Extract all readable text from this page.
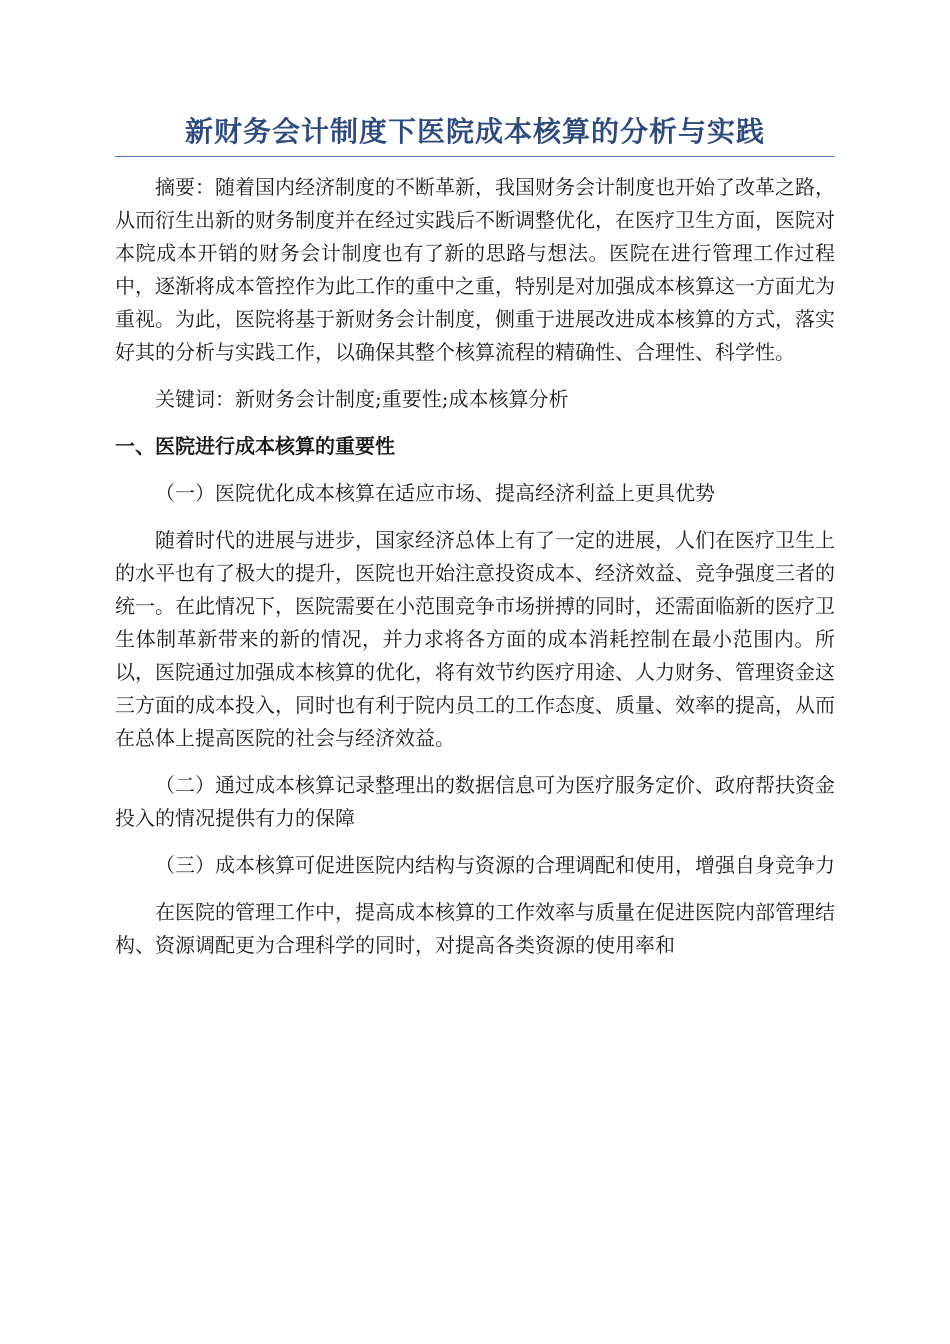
新财务会计制度下医院成本核算的分析与实践

摘要：随着国内经济制度的不断革新，我国财务会计制度也开始了改革之路，从而衍生出新的财务制度并在经过实践后不断调整优化，在医疗卫生方面，医院对本院成本开销的财务会计制度也有了新的思路与想法。医院在进行管理工作过程中，逐渐将成本管控作为此工作的重中之重，特别是对加强成本核算这一方面尤为重视。为此，医院将基于新财务会计制度，侧重于进展改进成本核算的方式，落实好其的分析与实践工作，以确保其整个核算流程的精确性、合理性、科学性。

关键词：新财务会计制度;重要性;成本核算分析

一、医院进行成本核算的重要性

（一）医院优化成本核算在适应市场、提高经济利益上更具优势

随着时代的进展与进步，国家经济总体上有了一定的进展，人们在医疗卫生上的水平也有了极大的提升，医院也开始注意投资成本、经济效益、竞争强度三者的统一。在此情况下，医院需要在小范围竞争市场拼搏的同时，还需面临新的医疗卫生体制革新带来的新的情况，并力求将各方面的成本消耗控制在最小范围内。所以，医院通过加强成本核算的优化，将有效节约医疗用途、人力财务、管理资金这三方面的成本投入，同时也有利于院内员工的工作态度、质量、效率的提高，从而在总体上提高医院的社会与经济效益。

（二）通过成本核算记录整理出的数据信息可为医疗服务定价、政府帮扶资金投入的情况提供有力的保障

（三）成本核算可促进医院内结构与资源的合理调配和使用，增强自身竞争力

在医院的管理工作中，提高成本核算的工作效率与质量在促进医院内部管理结构、资源调配更为合理科学的同时，对提高各类资源的使用率和
